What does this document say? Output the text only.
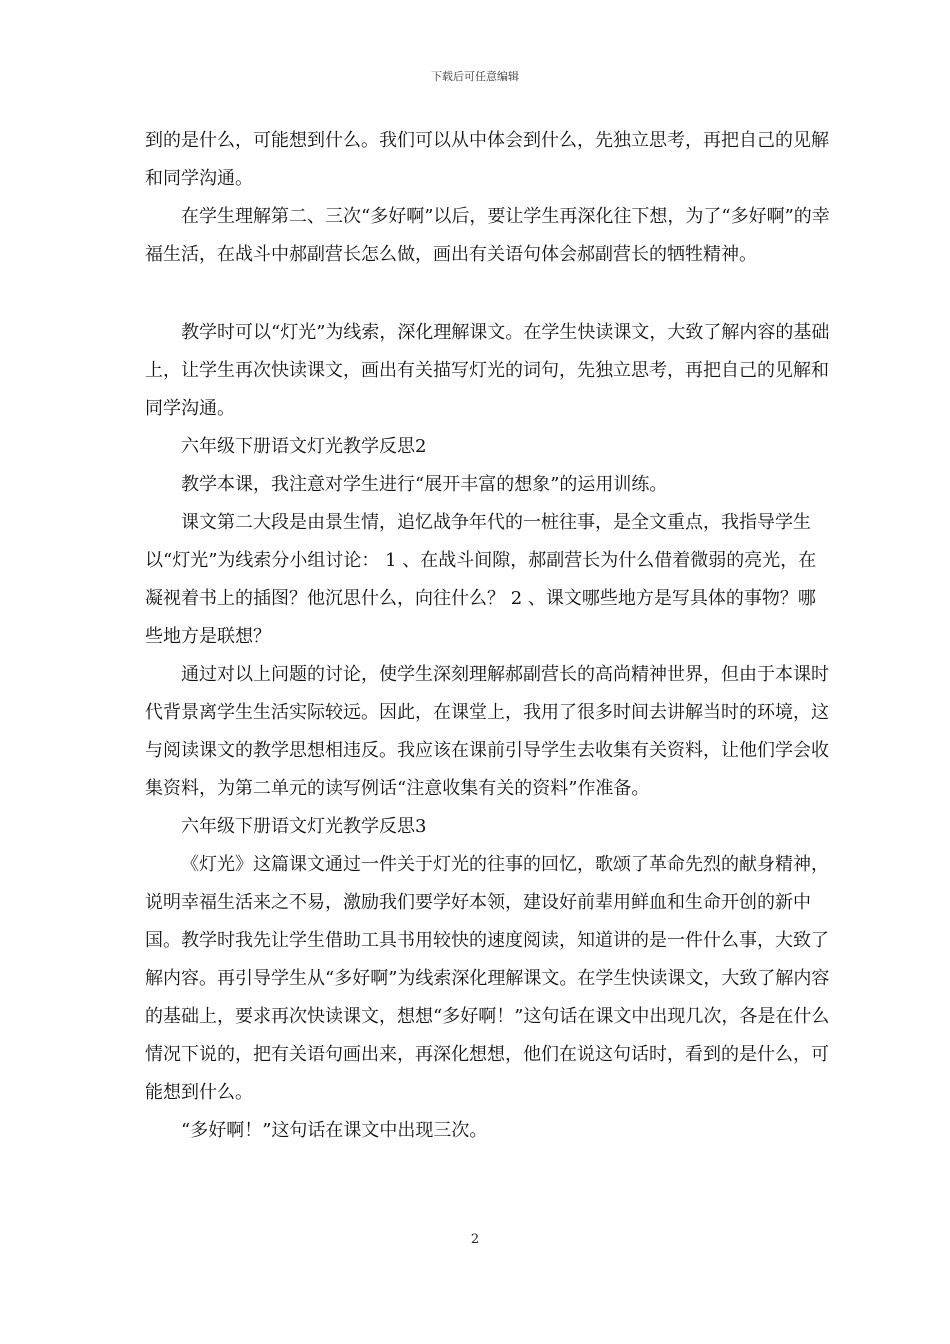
下载后可任意编辑

到的是什么，可能想到什么。我们可以从中体会到什么，先独立思考，再把自己的见解和同学沟通。

在学生理解第二、三次“多好啊”以后，要让学生再深化往下想，为了“多好啊”的幸福生活，在战斗中郝副营长怎么做，画出有关语句体会郝副营长的牺牲精神。

教学时可以“灯光”为线索，深化理解课文。在学生快读课文，大致了解内容的基础上，让学生再次快读课文，画出有关描写灯光的词句，先独立思考，再把自己的见解和同学沟通。

六年级下册语文灯光教学反思2

教学本课，我注意对学生进行“展开丰富的想象”的运用训练。

课文第二大段是由景生情，追忆战争年代的一桩往事，是全文重点，我指导学生以“灯光”为线索分小组讨论： 1 、在战斗间隙，郝副营长为什么借着微弱的亮光，在凝视着书上的插图？他沉思什么，向往什么？ 2 、课文哪些地方是写具体的事物？哪些地方是联想？

通过对以上问题的讨论，使学生深刻理解郝副营长的高尚精神世界，但由于本课时代背景离学生生活实际较远。因此，在课堂上，我用了很多时间去讲解当时的环境，这与阅读课文的教学思想相违反。我应该在课前引导学生去收集有关资料，让他们学会收集资料，为第二单元的读写例话“注意收集有关的资料”作准备。

六年级下册语文灯光教学反思3

《灯光》这篇课文通过一件关于灯光的往事的回忆，歌颂了革命先烈的献身精神，说明幸福生活来之不易，激励我们要学好本领，建设好前辈用鲜血和生命开创的新中国。教学时我先让学生借助工具书用较快的速度阅读，知道讲的是一件什么事，大致了解内容。再引导学生从“多好啊”为线索深化理解课文。在学生快读课文，大致了解内容的基础上，要求再次快读课文，想想“多好啊！”这句话在课文中出现几次，各是在什么情况下说的，把有关语句画出来，再深化想想，他们在说这句话时，看到的是什么，可能想到什么。

“多好啊！”这句话在课文中出现三次。

2
